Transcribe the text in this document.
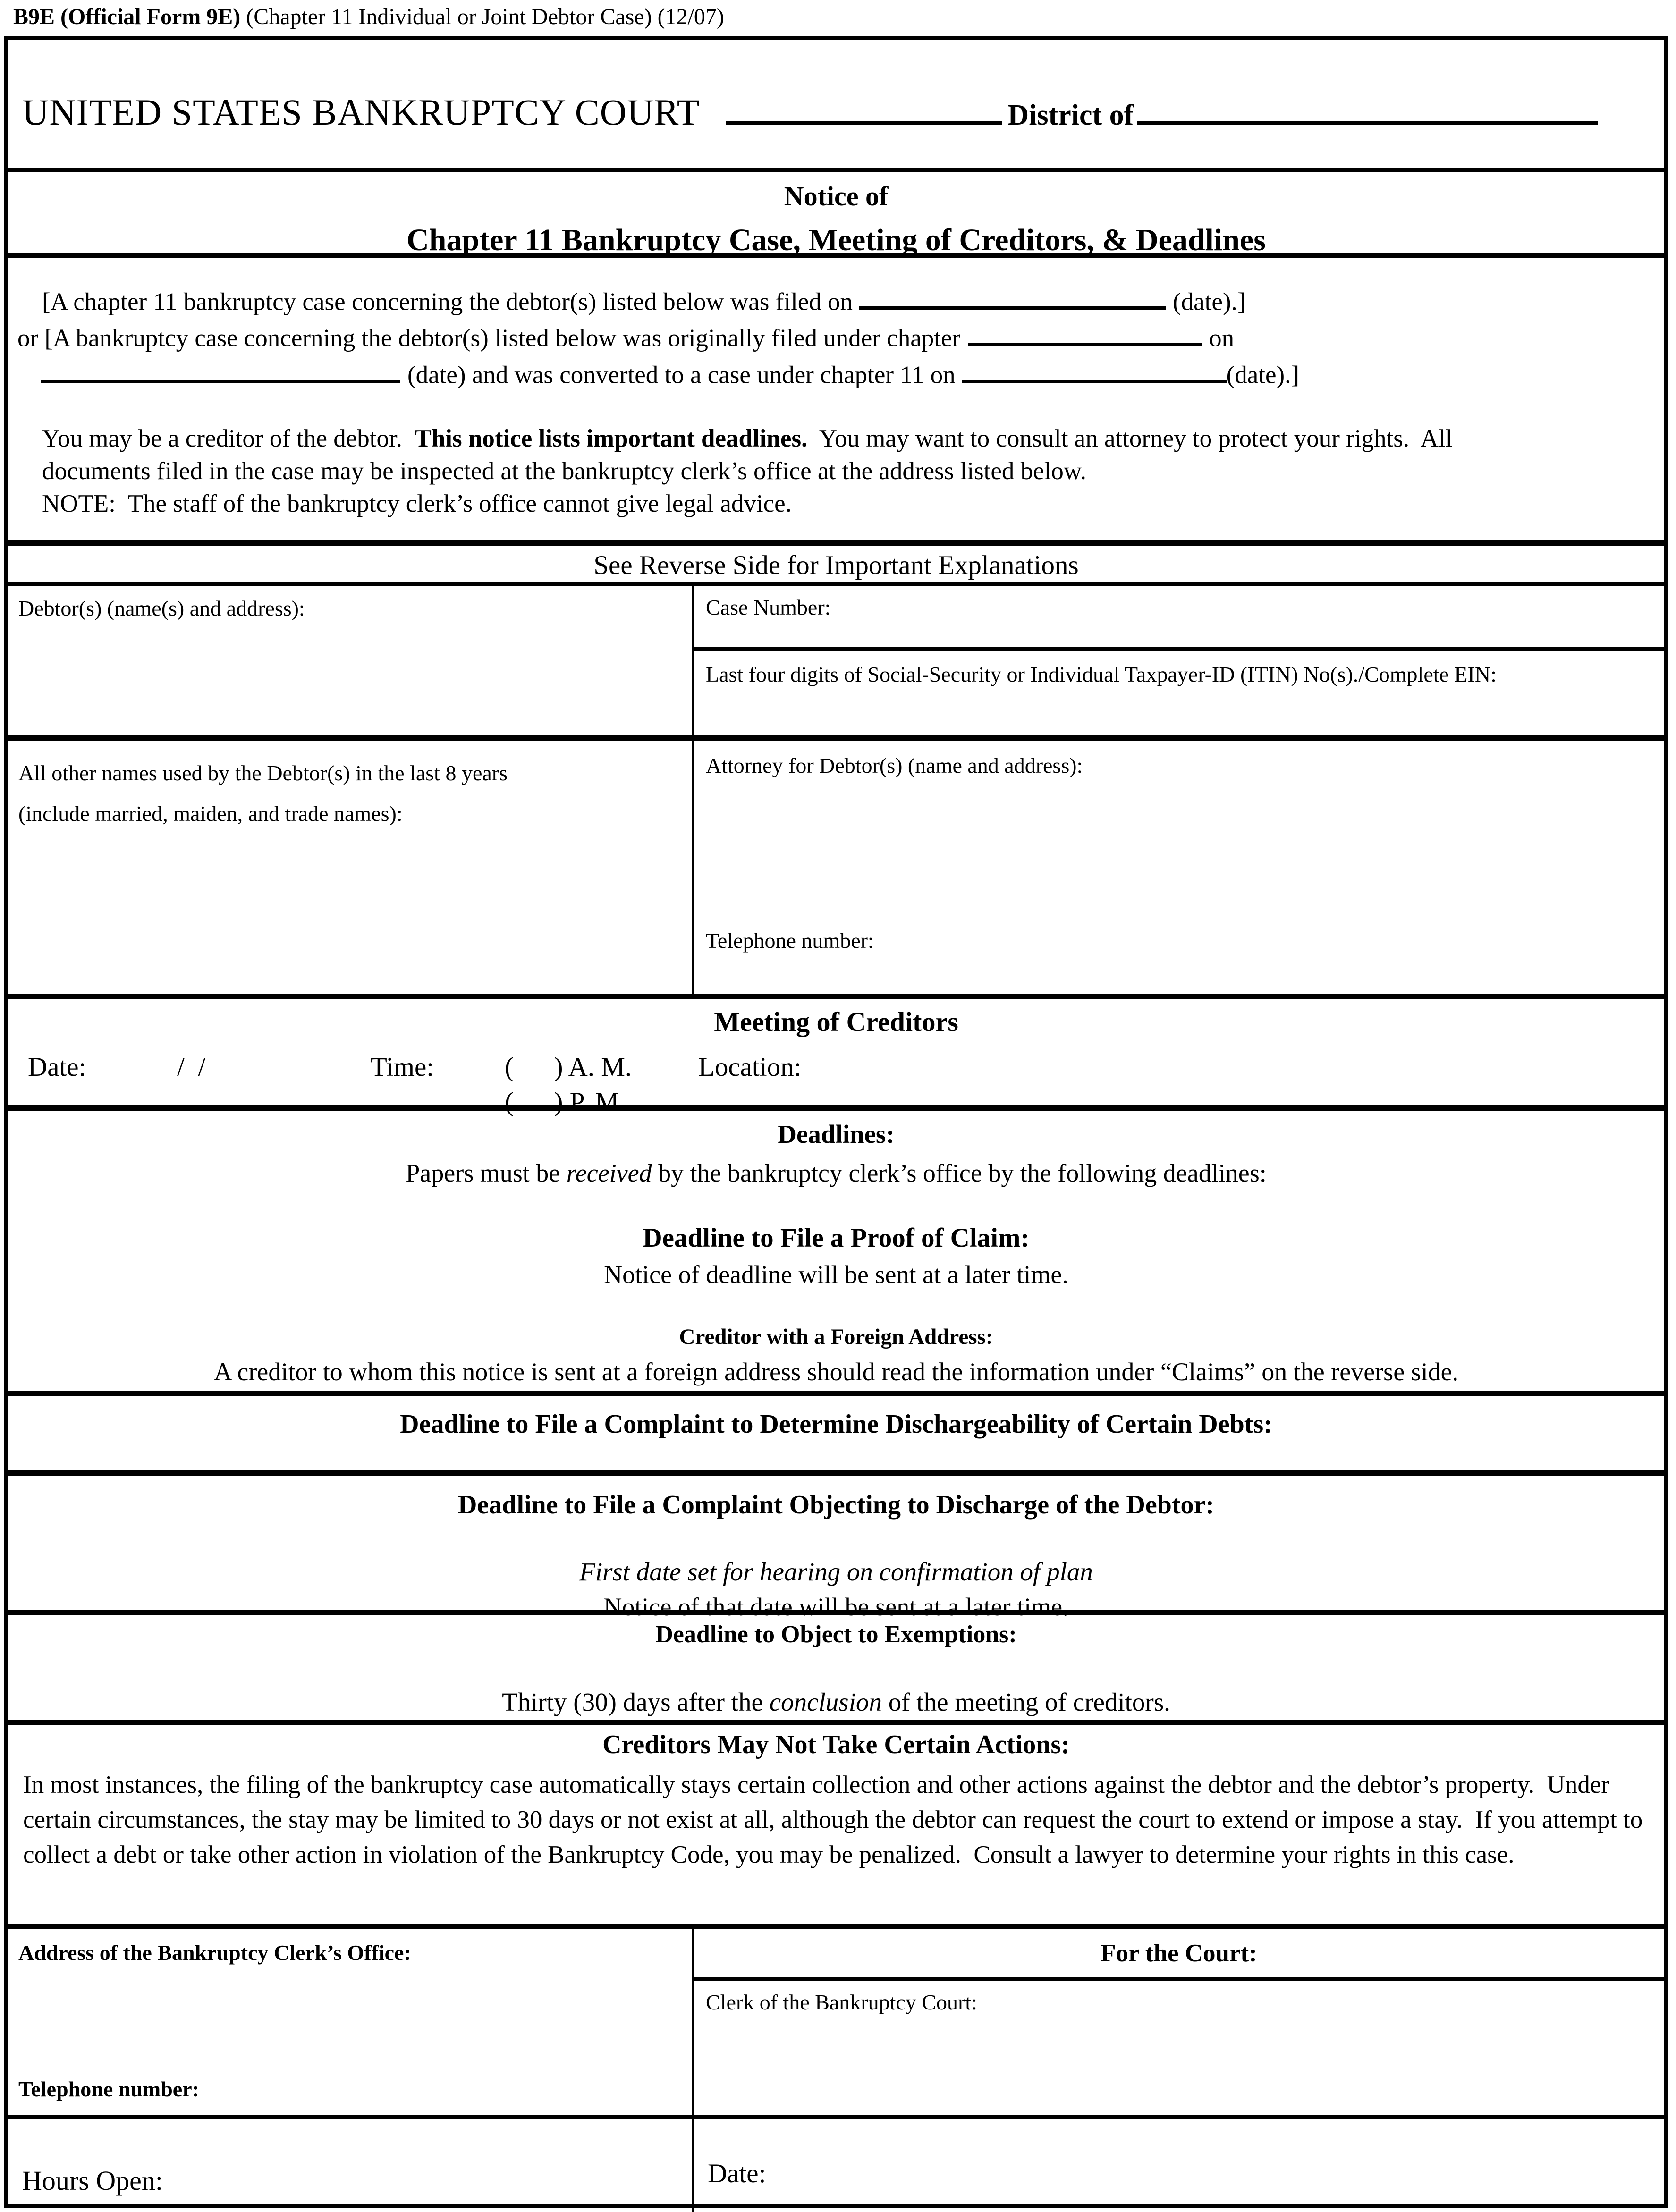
B9E (Official Form 9E) (Chapter 11 Individual or Joint Debtor Case) (12/07)
UNITED STATES BANKRUPTCY COURT	District of
Notice of
Chapter 11 Bankruptcy Case, Meeting of Creditors, & Deadlines
[A chapter 11 bankruptcy case concerning the debtor(s) listed below was filed on	(date).]
or [A bankruptcy case concerning the debtor(s) listed below was originally filed under chapter	on
(date) and was converted to a case under chapter 11 on	(date).]

You may be a creditor of the debtor.  This notice lists important deadlines.  You may want to consult an attorney to protect your rights.  All documents filed in the case may be inspected at the bankruptcy clerk’s office at the address listed below.

NOTE:  The staff of the bankruptcy clerk’s office cannot give legal advice.
See Reverse Side for Important Explanations
Debtor(s) (name(s) and address):	Case Number:
Last four digits of Social-Security or Individual Taxpayer-ID (ITIN) No(s)./Complete EIN:
All other names used by the Debtor(s) in the last 8 years
(include married, maiden, and trade names):
Attorney for Debtor(s) (name and address):
Telephone number:
Meeting of Creditors
Date:	/  /	Time:	(      ) A. M. Location:
(      ) P. M.
Deadlines:
Papers must be received by the bankruptcy clerk’s office by the following deadlines:
Deadline to File a Proof of Claim:
Notice of deadline will be sent at a later time.
Creditor with a Foreign Address:
A creditor to whom this notice is sent at a foreign address should read the information under “Claims” on the reverse side.
Deadline to File a Complaint to Determine Dischargeability of Certain Debts:
Deadline to File a Complaint Objecting to Discharge of the Debtor:
First date set for hearing on confirmation of plan
Notice of that date will be sent at a later time.
Deadline to Object to Exemptions:
Thirty (30) days after the conclusion of the meeting of creditors.
Creditors May Not Take Certain Actions:

In most instances, the filing of the bankruptcy case automatically stays certain collection and other actions against the debtor and the debtor’s property.  Under certain circumstances, the stay may be limited to 30 days or not exist at all, although the debtor can request the court to extend or impose a stay.  If you attempt to collect a debt or take other action in violation of the Bankruptcy Code, you may be penalized.  Consult a lawyer to determine your rights in this case.

Address of the Bankruptcy Clerk’s Office:
Telephone number:
For the Court:
Clerk of the Bankruptcy Court:
Hours Open:	Date:
